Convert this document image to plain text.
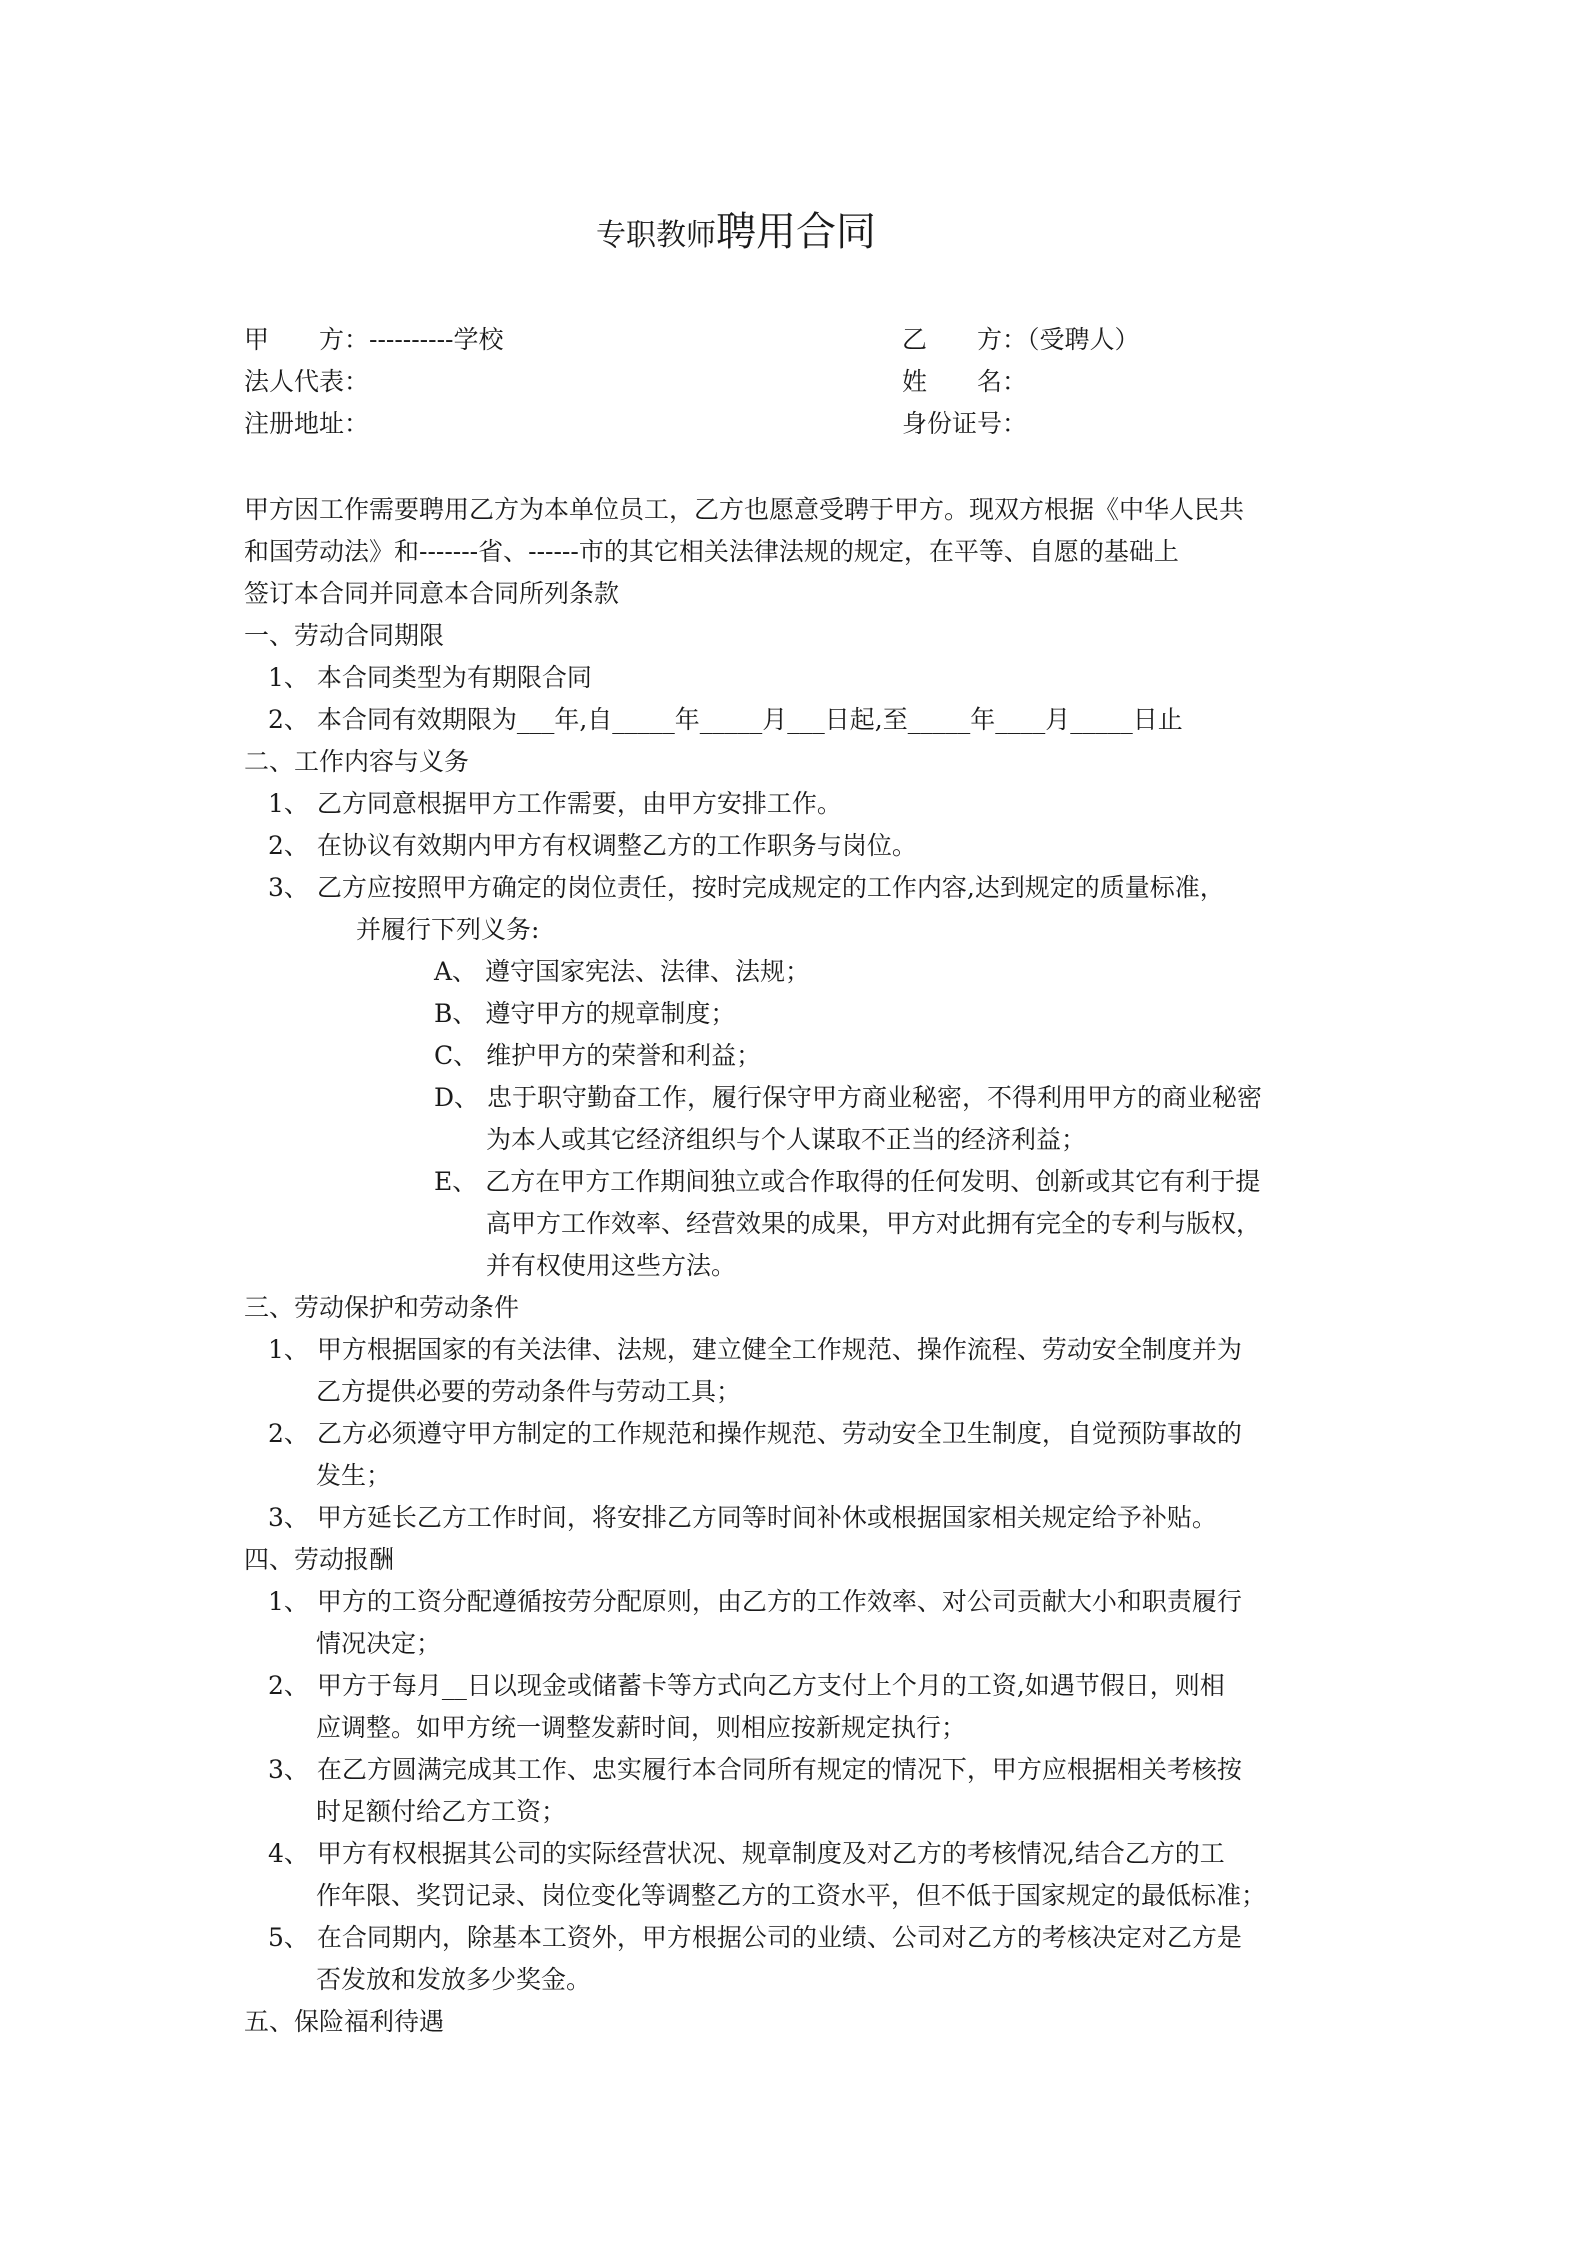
专职教师聘用合同
甲　　方：----------学校	乙　　方：（受聘人）
法人代表：	姓　　名：
注册地址：	身份证号：
甲方因工作需要聘用乙方为本单位员工，乙方也愿意受聘于甲方。现双方根据《中华人民共
和国劳动法》和-------省、------市的其它相关法律法规的规定，在平等、自愿的基础上
签订本合同并同意本合同所列条款
一、劳动合同期限
1、 本合同类型为有期限合同
2、 本合同有效期限为___年,自_____年_____月___日起,至_____年____月_____日止
二、工作内容与义务
1、 乙方同意根据甲方工作需要，由甲方安排工作。
2、 在协议有效期内甲方有权调整乙方的工作职务与岗位。
3、 乙方应按照甲方确定的岗位责任，按时完成规定的工作内容,达到规定的质量标准，
并履行下列义务:
A、 遵守国家宪法、法律、法规；
B、 遵守甲方的规章制度；
C、 维护甲方的荣誉和利益；
D、 忠于职守勤奋工作，履行保守甲方商业秘密，不得利用甲方的商业秘密
为本人或其它经济组织与个人谋取不正当的经济利益；
E、 乙方在甲方工作期间独立或合作取得的任何发明、创新或其它有利于提
高甲方工作效率、经营效果的成果，甲方对此拥有完全的专利与版权，
并有权使用这些方法。
三、劳动保护和劳动条件
1、 甲方根据国家的有关法律、法规，建立健全工作规范、操作流程、劳动安全制度并为
乙方提供必要的劳动条件与劳动工具；
2、 乙方必须遵守甲方制定的工作规范和操作规范、劳动安全卫生制度，自觉预防事故的
发生；
3、 甲方延长乙方工作时间，将安排乙方同等时间补休或根据国家相关规定给予补贴。
四、劳动报酬
1、 甲方的工资分配遵循按劳分配原则，由乙方的工作效率、对公司贡献大小和职责履行
情况决定；
2、 甲方于每月__日以现金或储蓄卡等方式向乙方支付上个月的工资,如遇节假日，则相
应调整。如甲方统一调整发薪时间，则相应按新规定执行；
3、 在乙方圆满完成其工作、忠实履行本合同所有规定的情况下，甲方应根据相关考核按
时足额付给乙方工资；
4、 甲方有权根据其公司的实际经营状况、规章制度及对乙方的考核情况,结合乙方的工
作年限、奖罚记录、岗位变化等调整乙方的工资水平，但不低于国家规定的最低标准；
5、 在合同期内，除基本工资外，甲方根据公司的业绩、公司对乙方的考核决定对乙方是
否发放和发放多少奖金。
五、保险福利待遇
